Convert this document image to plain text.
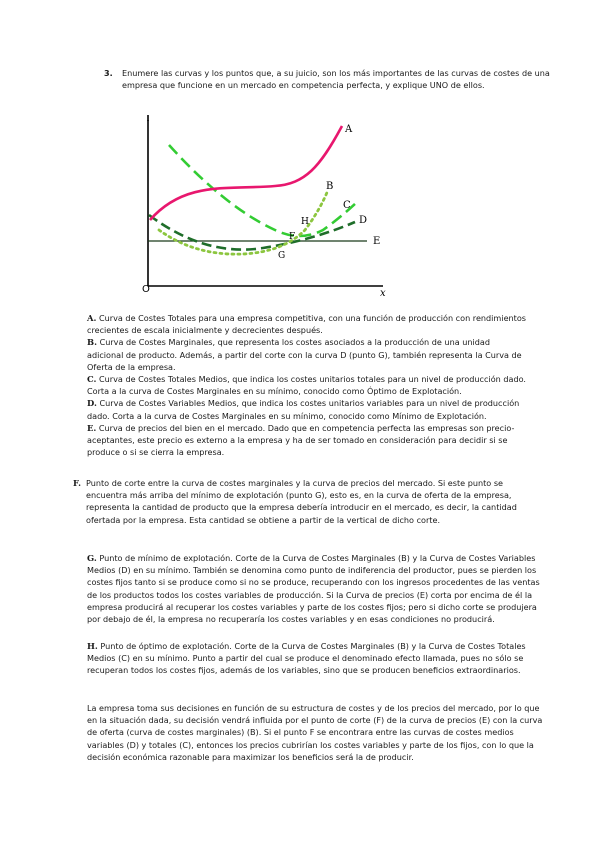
3.	Enumere las curvas y los puntos que, a su juicio, son los más importantes de las curvas de costes de una empresa que funcione en un mercado en competencia perfecta, y explique UNO de ellos.
O	x
A
B
C
D
E
F
G
H

A. Curva de Costes Totales para una empresa competitiva, con una función de producción con rendimientos crecientes de escala inicialmente y decrecientes después.

B. Curva de Costes Marginales, que representa los costes asociados a la producción de una unidad adicional de producto. Además, a partir del corte con la curva D (punto G), también representa la Curva de Oferta de la empresa.

C. Curva de Costes Totales Medios, que indica los costes unitarios totales para un nivel de producción dado. Corta a la curva de Costes Marginales en su mínimo, conocido como Óptimo de Explotación.

D. Curva de Costes Variables Medios, que indica los costes unitarios variables para un nivel de producción dado. Corta a la curva de Costes Marginales en su mínimo, conocido como Mínimo de Explotación.

E. Curva de precios del bien en el mercado. Dado que en competencia perfecta las empresas son precio-aceptantes, este precio es externo a la empresa y ha de ser tomado en consideración para decidir si se produce o si se cierra la empresa.

F. Punto de corte entre la curva de costes marginales y la curva de precios del mercado. Si este punto se encuentra más arriba del mínimo de explotación (punto G), esto es, en la curva de oferta de la empresa, representa la cantidad de producto que la empresa debería introducir en el mercado, es decir, la cantidad ofertada por la empresa. Esta cantidad se obtiene a partir de la vertical de dicho corte.
G. Punto de mínimo de explotación. Corte de la Curva de Costes Marginales (B) y la Curva de Costes Variables Medios (D) en su mínimo. También se denomina como punto de indiferencia del productor, pues se pierden los costes fijos tanto si se produce como si no se produce, recuperando con los ingresos procedentes de las ventas de los productos todos los costes variables de producción. Si la Curva de precios (E) corta por encima de él la empresa producirá al recuperar los costes variables y parte de los costes fijos; pero si dicho corte se produjera por debajo de él, la empresa no recuperaría los costes variables y en esas condiciones no producirá.
H. Punto de óptimo de explotación. Corte de la Curva de Costes Marginales (B) y la Curva de Costes Totales Medios (C) en su mínimo. Punto a partir del cual se produce el denominado efecto llamada, pues no sólo se recuperan todos los costes fijos, además de los variables, sino que se producen beneficios extraordinarios.
La empresa toma sus decisiones en función de su estructura de costes y de los precios del mercado, por lo que en la situación dada, su decisión vendrá influida por el punto de corte (F) de la curva de precios (E) con la curva de oferta (curva de costes marginales) (B). Si el punto F se encontrara entre las curvas de costes medios variables (D) y totales (C), entonces los precios cubrirían los costes variables y parte de los fijos, con lo que la decisión económica razonable para maximizar los beneficios será la de producir.
